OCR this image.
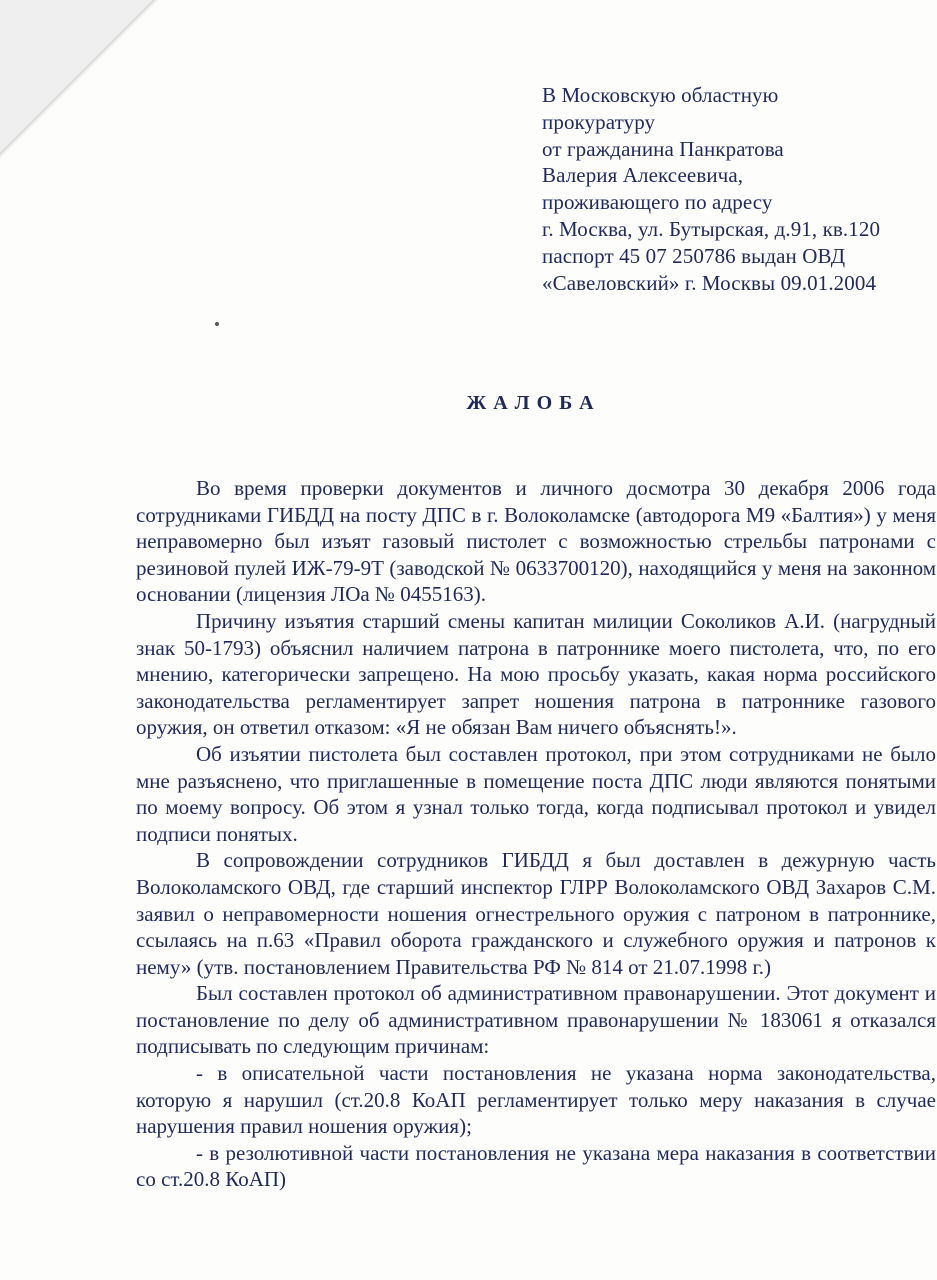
В Московскую областную
прокуратуру
от гражданина Панкратова
Валерия Алексеевича,
проживающего по адресу
г. Москва, ул. Бутырская, д.91, кв.120
паспорт 45 07 250786 выдан ОВД
«Савеловский» г. Москвы 09.01.2004
ЖАЛОБА

Во время проверки документов и личного досмотра 30 декабря 2006 года сотрудниками ГИБДД на посту ДПС в г. Волоколамске (автодорога М9 «Балтия») у меня неправомерно был изъят газовый пистолет с возможностью стрельбы патронами с резиновой пулей ИЖ-79-9Т (заводской № 0633700120), находящийся у меня на законном основании (лицензия ЛОа № 0455163).

Причину изъятия старший смены капитан милиции Соколиков А.И. (нагрудный знак 50-1793) объяснил наличием патрона в патроннике моего пистолета, что, по его мнению, категорически запрещено. На мою просьбу указать, какая норма российского законодательства регламентирует запрет ношения патрона в патроннике газового оружия, он ответил отказом: «Я не обязан Вам ничего объяснять!».

Об изъятии пистолета был составлен протокол, при этом сотрудниками не было мне разъяснено, что приглашенные в помещение поста ДПС люди являются понятыми по моему вопросу. Об этом я узнал только тогда, когда подписывал протокол и увидел подписи понятых.

В сопровождении сотрудников ГИБДД я был доставлен в дежурную часть Волоколамского ОВД, где старший инспектор ГЛРР Волоколамского ОВД Захаров С.М. заявил о неправомерности ношения огнестрельного оружия с патроном в патроннике, ссылаясь на п.63 «Правил оборота гражданского и служебного оружия и патронов к нему» (утв. постановлением Правительства РФ № 814 от 21.07.1998 г.)

Был составлен протокол об административном правонарушении. Этот документ и постановление по делу об административном правонарушении № 183061 я отказался подписывать по следующим причинам:

- в описательной части постановления не указана норма законодательства, которую я нарушил (ст.20.8 КоАП регламентирует только меру наказания в случае нарушения правил ношения оружия);

- в резолютивной части постановления не указана мера наказания в соответствии со ст.20.8 КоАП)
